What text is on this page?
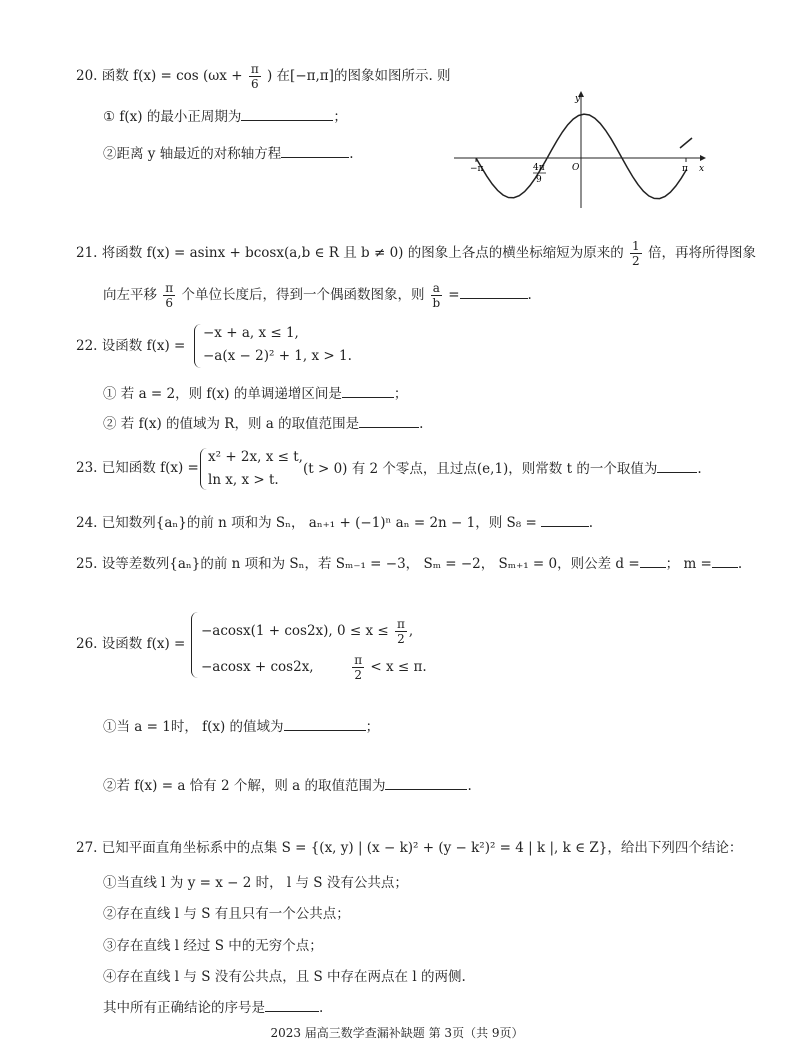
20. 函数 $f(x) = \cos (\omega x + \frac{\pi}{6}$ ) 在[−π,π]的图象如图所示. 则
① f(x) 的最小正周期为	；
②距离 y 轴最近的对称轴方程	.
−π	π x
y
O
4π
9
21. 将函数 f(x) = asinx + bcosx(a,b ∈ R 且 b ≠ 0) 的图象上各点的横坐标缩短为原来的 $\frac{1}{2}$ 倍，再将所得图象
向左平移 $\frac{\pi}{6}$ 个单位长度后，得到一个偶函数图象，则 $\frac{a}{b}$ =	.
22. 设函数 f(x) =
−x + a, x ≤ 1,
−a(x − 2)² + 1, x > 1.
① 若 a = 2，则 f(x) 的单调递增区间是	；
② 若 f(x) 的值域为 R，则 a 的取值范围是	.
23. 已知函数 f(x) =
x² + 2x, x ≤ t,
ln x, x > t.
(t > 0) 有 2 个零点，且过点(e,1)，则常数 t 的一个取值为	.
24. 已知数列{aₙ}的前 n 项和为 Sₙ， aₙ₊₁ + (−1)ⁿ aₙ = 2n − 1，则 S₈ =	.
25. 设等差数列{aₙ}的前 n 项和为 Sₙ，若 Sₘ₋₁ = −3， Sₘ = −2， Sₘ₊₁ = 0，则公差 d = ； m = .
26. 设函数 f(x) =
−acosx(1 + cos2x), $0 \le x \le \frac{\pi}{2}$ ,
−acosx + cos2x,	$\frac{\pi}{2} < x \le \pi$.
①当 a = 1时， f(x) 的值域为	；
②若 f(x) = a 恰有 2 个解，则 a 的取值范围为	.
27. 已知平面直角坐标系中的点集 S = {(x, y) | (x − k)² + (y − k²)² = 4 | k |, k ∈ Z}，给出下列四个结论：
①当直线 l 为 y = x − 2 时， l 与 S 没有公共点；
②存在直线 l 与 S 有且只有一个公共点；
③存在直线 l 经过 S 中的无穷个点；
④存在直线 l 与 S 没有公共点，且 S 中存在两点在 l 的两侧.
其中所有正确结论的序号是	.
2023 届高三数学查漏补缺题 第 3页（共 9页）
